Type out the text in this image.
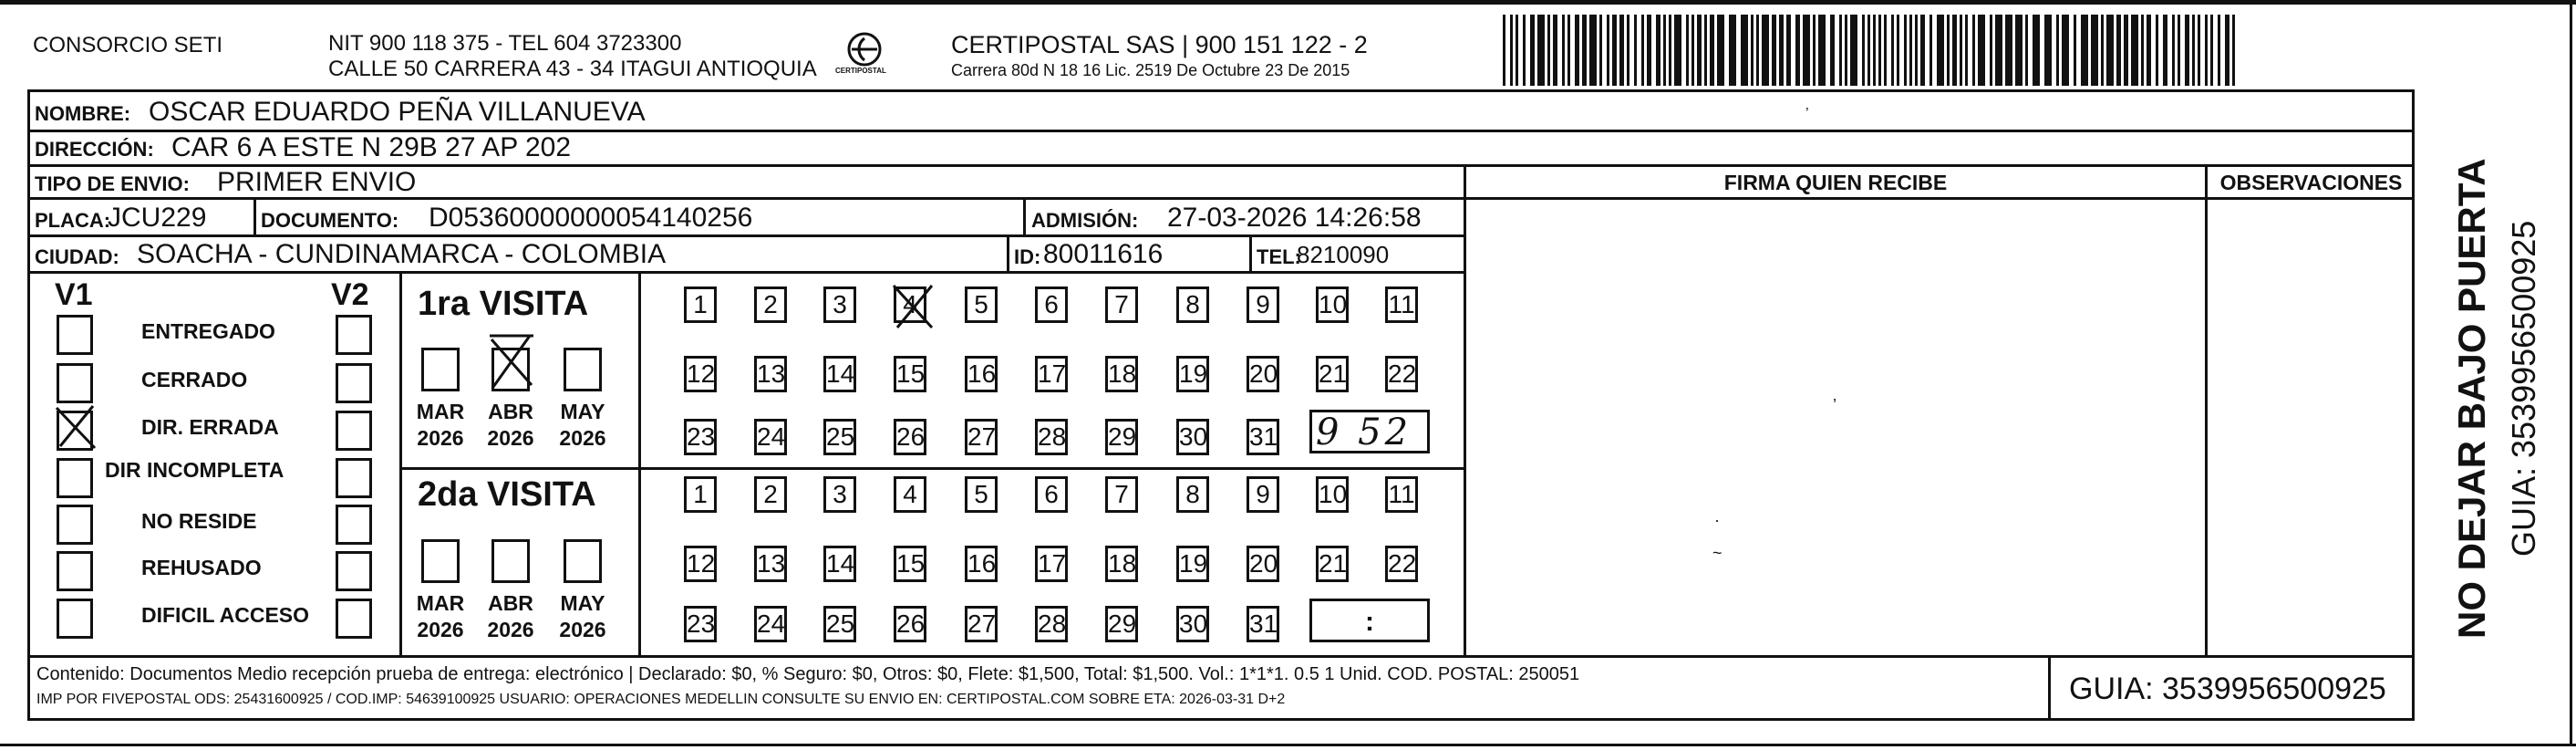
CONSORCIO SETI	NIT 900 118 375 - TEL 604 3723300
CALLE 50 CARRERA 43 - 34 ITAGUI ANTIOQUIA	CERTIPOSTAL
CERTIPOSTAL SAS | 900 151 122 - 2
Carrera 80d N 18 16 Lic. 2519 De Octubre 23 De 2015
NOMBRE: OSCAR EDUARDO PEÑA VILLANUEVA
DIRECCIÓN: CAR 6 A ESTE N 29B 27 AP 202
TIPO DE ENVIO: PRIMER ENVIO	FIRMA QUIEN RECIBE	OBSERVACIONES
PLACA:
JCU229	DOCUMENTO: D05360000000054140256	ADMISIÓN: 27-03-2026 14:26:58
CIUDAD: SOACHA - CUNDINAMARCA - COLOMBIA	ID: 80011616	TEL:
8210090
V1	V2
ENTREGADO
CERRADO
DIR. ERRADA
DIR INCOMPLETA
NO RESIDE
REHUSADO
DIFICIL ACCESO
1ra VISITA
2da VISITA
MAR
2026
ABR
2026
MAY
2026
MAR
2026
ABR
2026
MAY
2026
1	2	3	4	5	6	7	8	9	10 11
12 13 14 15 16 17 18 19 20 21 22
23 24 25 26 27 28 29 30 31
1	2	3	4	5	6	7	8	9	10 11
12 13 14 15 16 17 18 19 20 21 22
23 24 25 26 27 28 29 30 31
9 52
:
’
’
·
~
Contenido: Documentos Medio recepción prueba de entrega: electrónico | Declarado: $0, % Seguro: $0, Otros: $0, Flete: $1,500, Total: $1,500. Vol.: 1*1*1. 0.5 1 Unid. COD. POSTAL: 250051
IMP POR FIVEPOSTAL ODS: 25431600925 / COD.IMP: 54639100925 USUARIO: OPERACIONES MEDELLIN CONSULTE SU ENVIO EN: CERTIPOSTAL.COM SOBRE ETA: 2026-03-31 D+2	GUIA: 3539956500925
NO DEJAR BAJO PUERTA GUIA: 3539956500925
